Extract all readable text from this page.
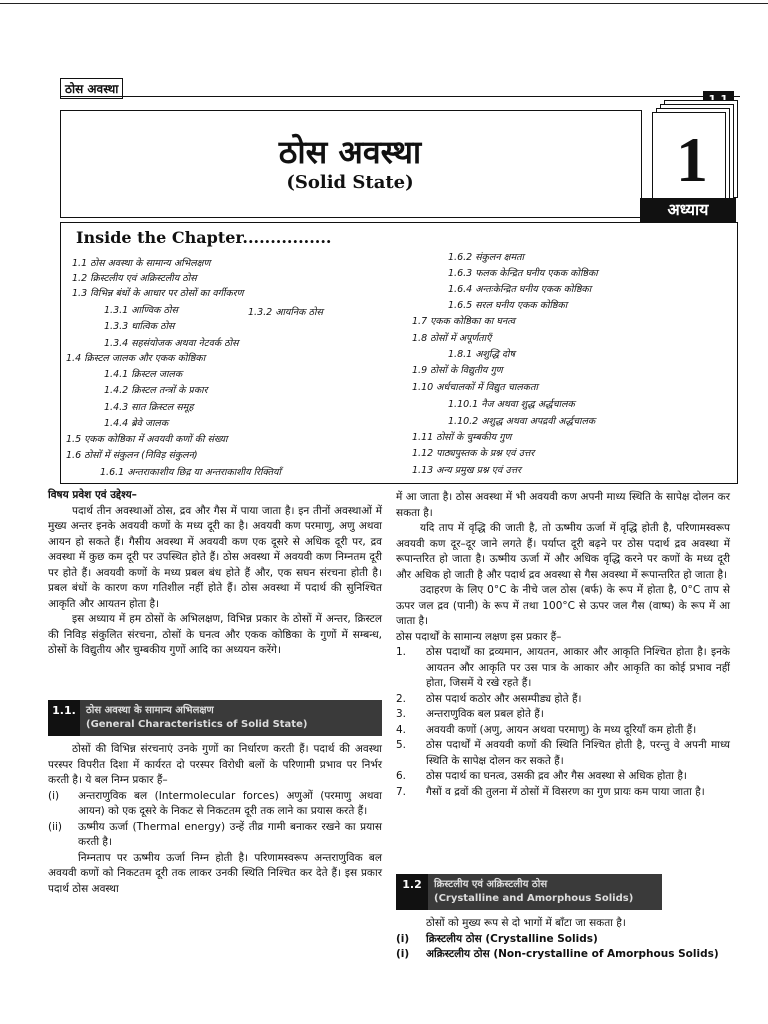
ठोस अवस्था
ठोस अवस्था
(Solid State)	1
अध्याय
Inside the Chapter................
1.1 ठोस अवस्था के सामान्य अभिलक्षण
1.2 क्रिस्टलीय एवं अक्रिस्टलीय ठोस
1.3 विभिन्न बंधों के आधार पर ठोसों का वर्गीकरण
1.3.1 आण्विक ठोस	1.3.2 आयनिक ठोस
1.3.3 धात्विक ठोस
1.3.4 सहसंयोजक अथवा नेटवर्क ठोस
1.4 क्रिस्टल जालक और एकक कोष्ठिका
1.4.1 क्रिस्टल जालक
1.4.2 क्रिस्टल तन्त्रों के प्रकार
1.4.3 सात क्रिस्टल समूह
1.4.4 ब्रेवे जालक
1.5 एकक कोष्ठिका में अवयवी कणों की संख्या
1.6 ठोसों में संकुलन (निविड़ संकुलन)
1.6.1 अन्तराकाशीय छिद्र या अन्तराकाशीय रिक्तियाँ
1.6.2 संकुलन क्षमता
1.6.3 फलक केन्द्रित घनीय एकक कोष्ठिका
1.6.4 अन्तःकेन्द्रित घनीय एकक कोष्ठिका
1.6.5 सरल घनीय एकक कोष्ठिका
1.7 एकक कोष्ठिका का घनत्व
1.8 ठोसों में अपूर्णताएँ
1.8.1 अशुद्धि दोष
1.9 ठोसों के विद्युतीय गुण
1.10 अर्धचालकों में विद्युत चालकता
1.10.1 नैज अथवा शुद्ध अर्द्धचालक
1.10.2 अशुद्ध अथवा अपद्रवी अर्द्धचालक
1.11 ठोसों के चुम्बकीय गुण
1.12 पाठ्यपुस्तक के प्रश्न एवं उत्तर
1.13 अन्य प्रमुख प्रश्न एवं उत्तर

विषय प्रवेश एवं उद्देश्य–

पदार्थ तीन अवस्थाओं ठोस, द्रव और गैस में पाया जाता है। इन तीनों अवस्थाओं में मुख्य अन्तर इनके अवयवी कणों के मध्य दूरी का है। अवयवी कण परमाणु, अणु अथवा आयन हो सकते हैं। गैसीय अवस्था में अवयवी कण एक दूसरे से अधिक दूरी पर, द्रव अवस्था में कुछ कम दूरी पर उपस्थित होते हैं। ठोस अवस्था में अवयवी कण निम्नतम दूरी पर होते हैं। अवयवी कणों के मध्य प्रबल बंध होते हैं और, एक सघन संरचना होती है। प्रबल बंधों के कारण कण गतिशील नहीं होते हैं। ठोस अवस्था में पदार्थ की सुनिश्चित आकृति और आयतन होता है।

इस अध्याय में हम ठोसों के अभिलक्षण, विभिन्न प्रकार के ठोसों में अन्तर, क्रिस्टल की निविड़ संकुलित संरचना, ठोसों के घनत्व और एकक कोष्ठिका के गुणों में सम्बन्ध, ठोसों के विद्युतीय और चुम्बकीय गुणों आदि का अध्ययन करेंगे।

1.1.	ठोस अवस्था के सामान्य अभिलक्षण
(General Characteristics of Solid State)

ठोसों की विभिन्न संरचनाएं उनके गुणों का निर्धारण करती हैं। पदार्थ की अवस्था परस्पर विपरीत दिशा में कार्यरत दो परस्पर विरोधी बलों के परिणामी प्रभाव पर निर्भर करती है। ये बल निम्न प्रकार हैं–

(i) अन्तराणुविक बल (Intermolecular forces) अणुओं (परमाणु अथवा आयन) को एक दूसरे के निकट से निकटतम दूरी तक लाने का प्रयास करते हैं।
(ii) ऊष्मीय ऊर्जा (Thermal energy) उन्हें तीव्र गामी बनाकर रखने का प्रयास करती है।

निम्नताप पर ऊष्मीय ऊर्जा निम्न होती है। परिणामस्वरूप अन्तराणुविक बल अवयवी कणों को निकटतम दूरी तक लाकर उनकी स्थिति निश्चित कर देते हैं। इस प्रकार पदार्थ ठोस अवस्था

में आ जाता है। ठोस अवस्था में भी अवयवी कण अपनी माध्य स्थिति के सापेक्ष दोलन कर सकता है।

यदि ताप में वृद्धि की जाती है, तो ऊष्मीय ऊर्जा में वृद्धि होती है, परिणामस्वरूप अवयवी कण दूर–दूर जाने लगते हैं। पर्याप्त दूरी बढ़ने पर ठोस पदार्थ द्रव अवस्था में रूपान्तरित हो जाता है। ऊष्मीय ऊर्जा में और अधिक वृद्धि करने पर कणों के मध्य दूरी और अधिक हो जाती है और पदार्थ द्रव अवस्था से गैस अवस्था में रूपान्तरित हो जाता है।

उदाहरण के लिए 0°C के नीचे जल ठोस (बर्फ) के रूप में होता है, 0°C ताप से ऊपर जल द्रव (पानी) के रूप में तथा 100°C से ऊपर जल गैस (वाष्प) के रूप में आ जाता है।

ठोस पदार्थों के सामान्य लक्षण इस प्रकार हैं–

1. ठोस पदार्थों का द्रव्यमान, आयतन, आकार और आकृति निश्चित होता है। इनके आयतन और आकृति पर उस पात्र के आकार और आकृति का कोई प्रभाव नहीं होता, जिसमें ये रखे रहते हैं।
2. ठोस पदार्थ कठोर और असम्पीड्य होते हैं।
3. अन्तराणुविक बल प्रबल होते हैं।
4. अवयवी कणों (अणु, आयन अथवा परमाणु) के मध्य दूरियाँ कम होती हैं।
5. ठोस पदार्थों में अवयवी कणों की स्थिति निश्चित होती है, परन्तु वे अपनी माध्य स्थिति के सापेक्ष दोलन कर सकते हैं।
6. ठोस पदार्थ का घनत्व, उसकी द्रव और गैस अवस्था से अधिक होता है।
7. गैसों व द्रवों की तुलना में ठोसों में विसरण का गुण प्रायः कम पाया जाता है।
1.2	क्रिस्टलीय एवं अक्रिस्टलीय ठोस
(Crystalline and Amorphous Solids)

ठोसों को मुख्य रूप से दो भागों में बाँटा जा सकता है।

(i) क्रिस्टलीय ठोस (Crystalline Solids)
(i) अक्रिस्टलीय ठोस (Non-crystalline of Amorphous Solids)
